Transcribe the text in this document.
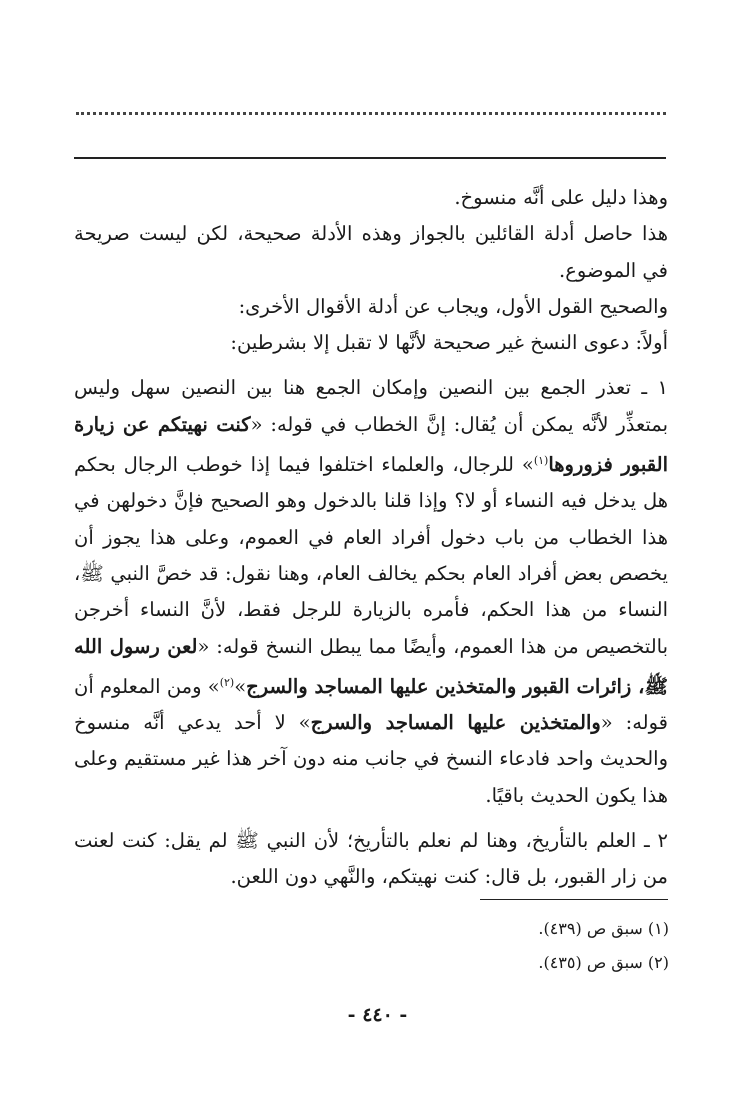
وهذا دليل على أنَّه منسوخ.

هذا حاصل أدلة القائلين بالجواز وهذه الأدلة صحيحة، لكن ليست صريحة في الموضوع.

والصحيح القول الأول، ويجاب عن أدلة الأقوال الأخرى:

أولاً: دعوى النسخ غير صحيحة لأنَّها لا تقبل إلا بشرطين:

١ ـ تعذر الجمع بين النصين وإمكان الجمع هنا بين النصين سهل وليس بمتعذِّر لأنَّه يمكن أن يُقال: إنَّ الخطاب في قوله: «كنت نهيتكم عن زيارة القبور فزوروها$^{(١)}$» للرجال، والعلماء اختلفوا فيما إذا خوطب الرجال بحكم هل يدخل فيه النساء أو لا؟ وإذا قلنا بالدخول وهو الصحيح فإنَّ دخولهن في هذا الخطاب من باب دخول أفراد العام في العموم، وعلى هذا يجوز أن يخصص بعض أفراد العام بحكم يخالف العام، وهنا نقول: قد خصَّ النبي ﷺ، النساء من هذا الحكم، فأمره بالزيارة للرجل فقط، لأنَّ النساء أخرجن بالتخصيص من هذا العموم، وأيضًا مما يبطل النسخ قوله: «لعن رسول الله ﷺ، زائرات القبور والمتخذين عليها المساجد والسرج»$^{(٢)}$» ومن المعلوم أن قوله: «والمتخذين عليها المساجد والسرج» لا أحد يدعي أنَّه منسوخ والحديث واحد فادعاء النسخ في جانب منه دون آخر هذا غير مستقيم وعلى هذا يكون الحديث باقيًا.

٢ ـ العلم بالتأريخ، وهنا لم نعلم بالتأريخ؛ لأن النبي ﷺ لم يقل: كنت لعنت من زار القبور، بل قال: كنت نهيتكم، والنَّهي دون اللعن.

(١) سبق ص (٤٣٩).

(٢) سبق ص (٤٣٥).

- ٤٤٠ -
